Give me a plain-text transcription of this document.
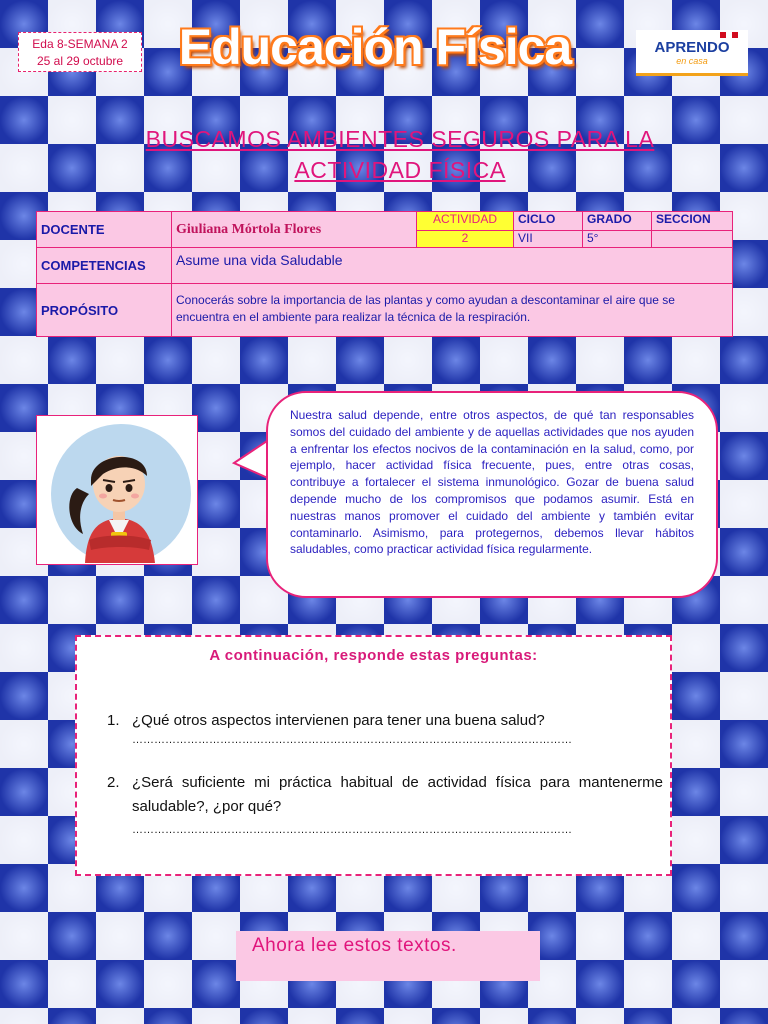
Eda 8-SEMANA 2
25 al 29 octubre	Educación Física	APRENDO
en casa
BUSCAMOS AMBIENTES SEGUROS PARA LA
ACTIVIDAD FÍSICA
DOCENTE	Giuliana Mórtola Flores	ACTIVIDAD	CICLO	GRADO	SECCION
		2	VII	5°	
COMPETENCIAS	Asume una vida Saludable				
PROPÓSITO	Conocerás sobre la importancia de las plantas y como ayudan a descontaminar el aire que se encuentra en el ambiente para realizar la técnica de la respiración.				
Nuestra salud depende, entre otros aspectos, de qué tan responsables somos del cuidado del ambiente y de aquellas actividades que nos ayuden a enfrentar los efectos nocivos de la contaminación en la salud, como, por ejemplo, hacer actividad física frecuente, pues, entre otras cosas, contribuye a fortalecer el sistema inmunológico. Gozar de buena salud depende mucho de los compromisos que podamos asumir. Está en nuestras manos promover el cuidado del ambiente y también evitar contaminarlo. Asimismo, para protegernos, debemos llevar hábitos saludables, como practicar actividad física regularmente.
A continuación, responde estas preguntas:
1. ¿Qué otros aspectos intervienen para tener una buena salud?
…………………………………………………………………………………………………………
2. ¿Será suficiente mi práctica habitual de actividad física para mantenerme saludable?, ¿por qué?
…………………………………………………………………………………………………………
Ahora lee estos textos.
